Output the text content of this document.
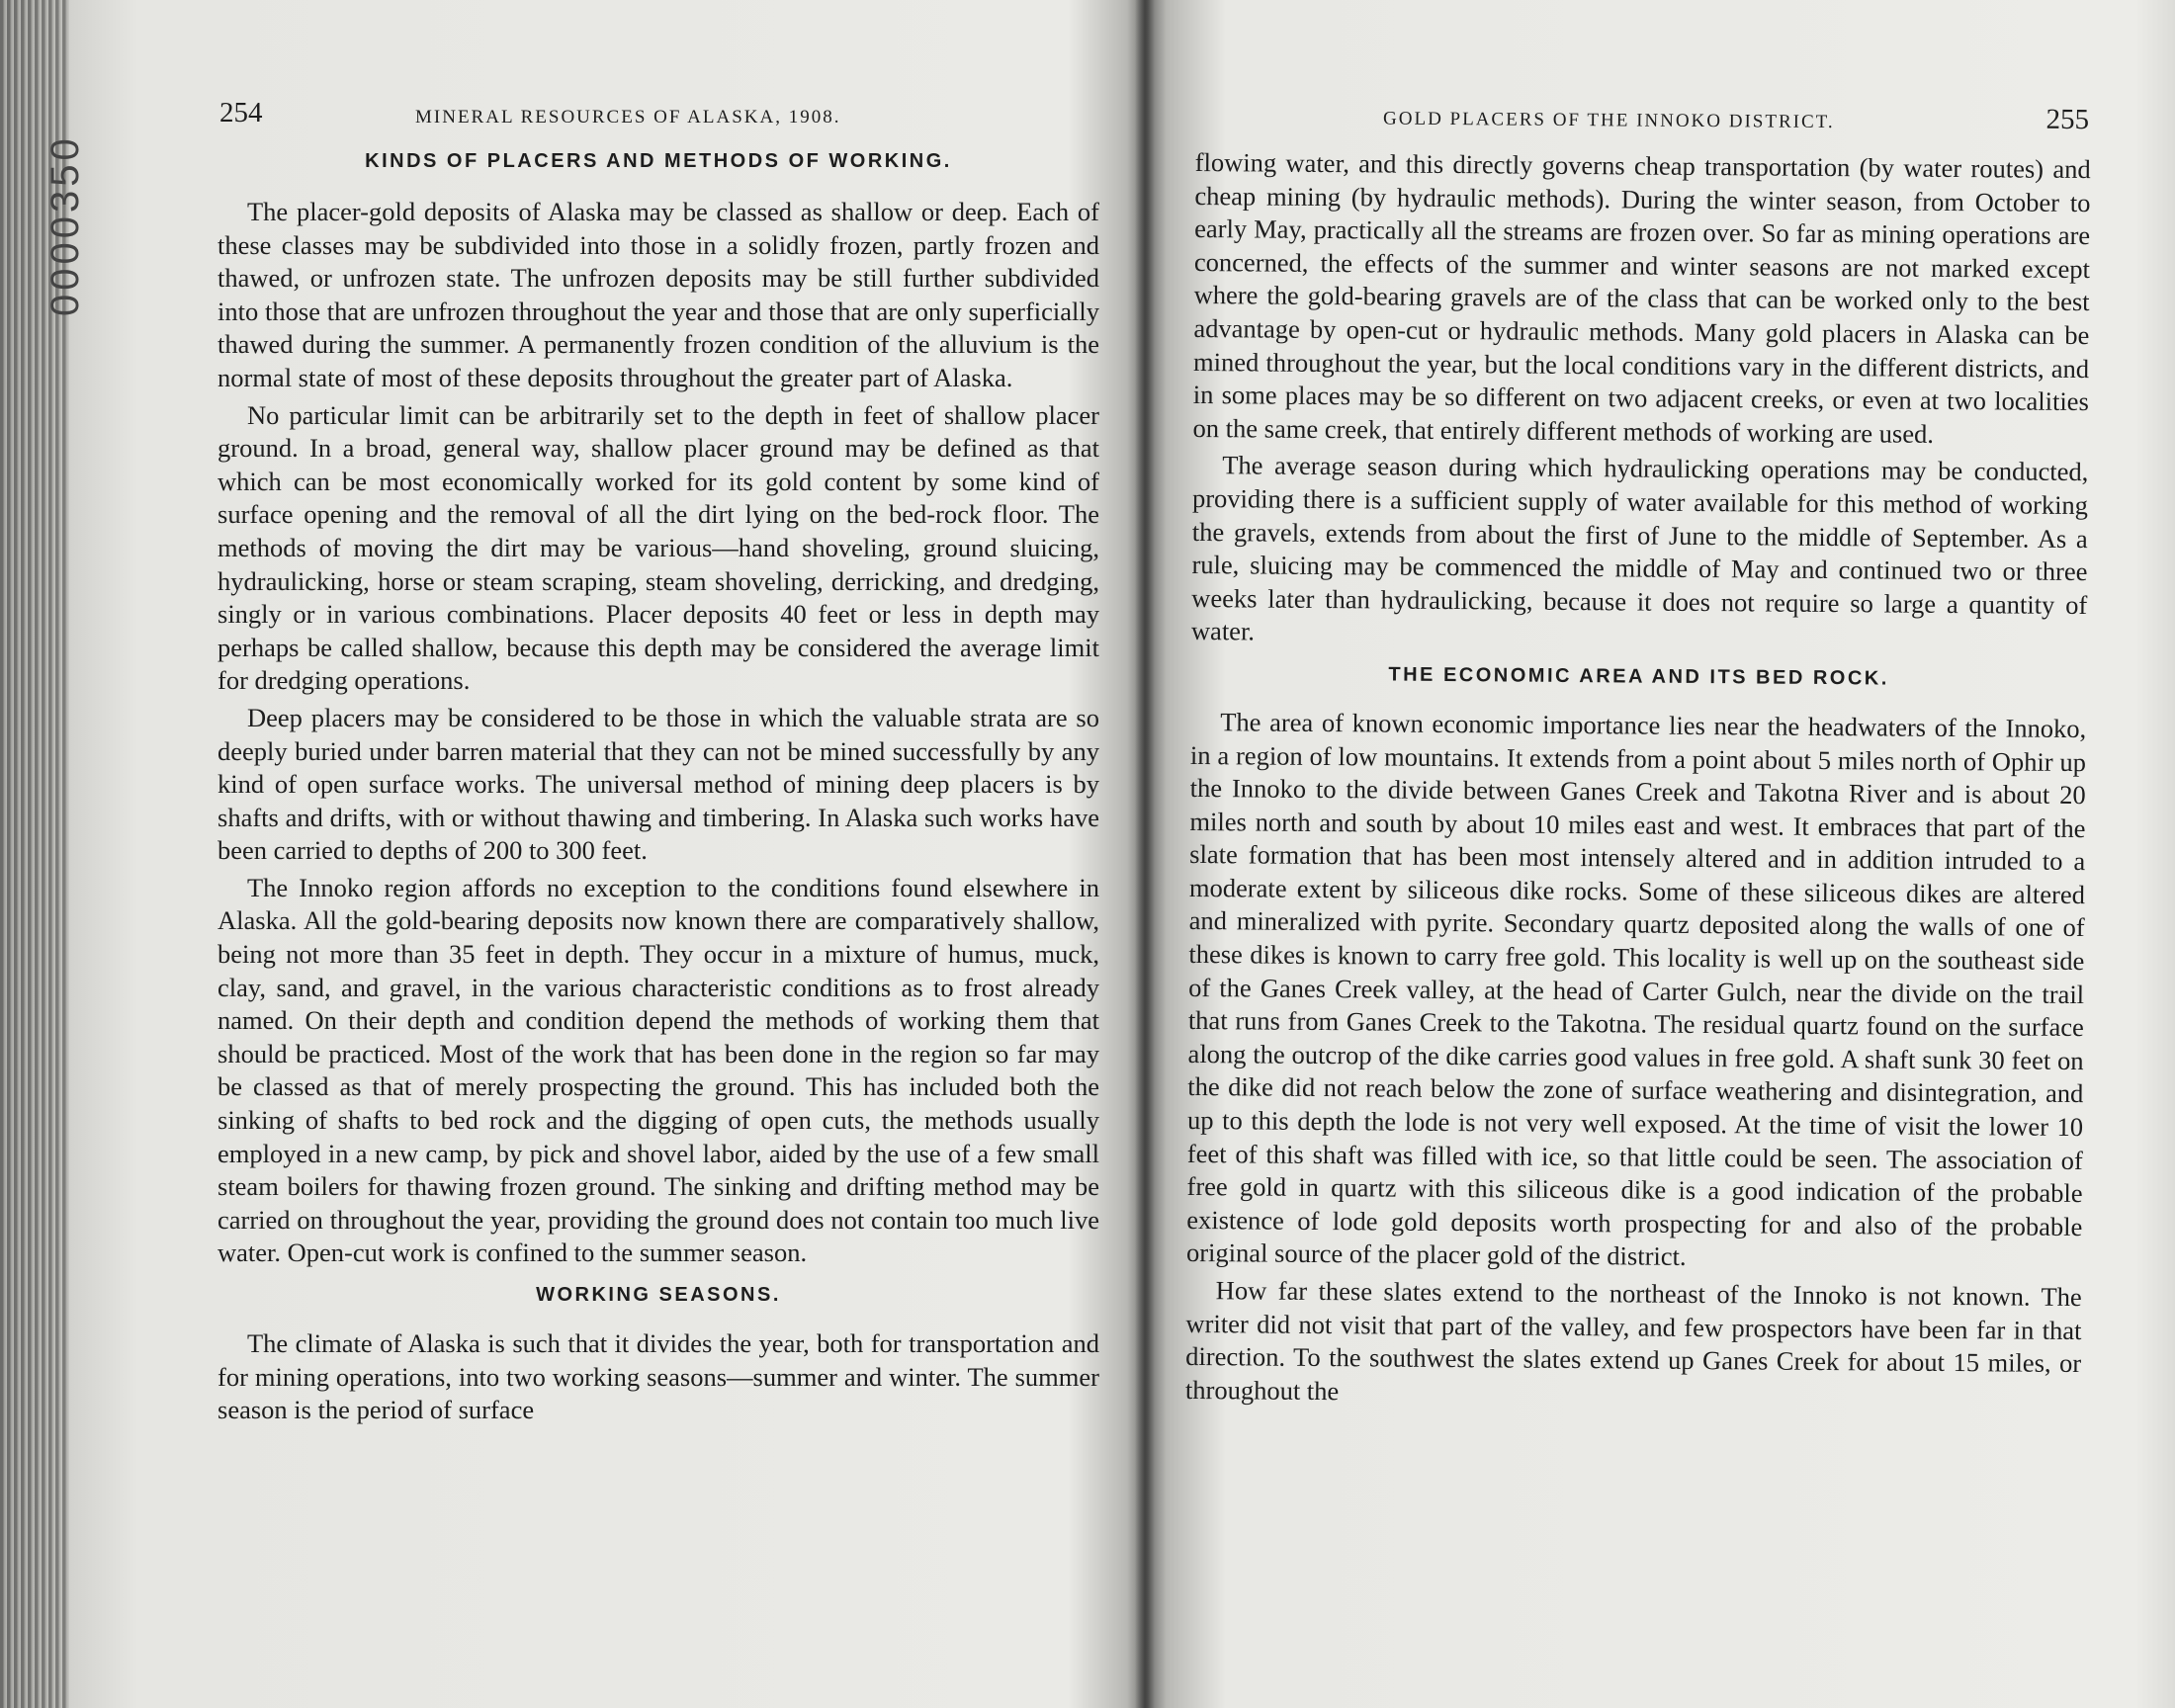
0000350
254	MINERAL RESOURCES OF ALASKA, 1908.
KINDS OF PLACERS AND METHODS OF WORKING.

The placer-gold deposits of Alaska may be classed as shallow or deep. Each of these classes may be subdivided into those in a solidly frozen, partly frozen and thawed, or unfrozen state. The unfrozen deposits may be still further subdivided into those that are unfrozen throughout the year and those that are only superficially thawed during the summer. A permanently frozen condition of the alluvium is the normal state of most of these deposits throughout the greater part of Alaska.

No particular limit can be arbitrarily set to the depth in feet of shallow placer ground. In a broad, general way, shallow placer ground may be defined as that which can be most economically worked for its gold content by some kind of surface opening and the removal of all the dirt lying on the bed-rock floor. The methods of moving the dirt may be various—hand shoveling, ground sluicing, hydraulicking, horse or steam scraping, steam shoveling, derricking, and dredging, singly or in various combinations. Placer deposits 40 feet or less in depth may perhaps be called shallow, because this depth may be considered the average limit for dredging operations.

Deep placers may be considered to be those in which the valuable strata are so deeply buried under barren material that they can not be mined successfully by any kind of open surface works. The universal method of mining deep placers is by shafts and drifts, with or without thawing and timbering. In Alaska such works have been carried to depths of 200 to 300 feet.

The Innoko region affords no exception to the conditions found elsewhere in Alaska. All the gold-bearing deposits now known there are comparatively shallow, being not more than 35 feet in depth. They occur in a mixture of humus, muck, clay, sand, and gravel, in the various characteristic conditions as to frost already named. On their depth and condition depend the methods of working them that should be practiced. Most of the work that has been done in the region so far may be classed as that of merely prospecting the ground. This has included both the sinking of shafts to bed rock and the digging of open cuts, the methods usually employed in a new camp, by pick and shovel labor, aided by the use of a few small steam boilers for thawing frozen ground. The sinking and drifting method may be carried on throughout the year, providing the ground does not contain too much live water. Open-cut work is confined to the summer season.

WORKING SEASONS.

The climate of Alaska is such that it divides the year, both for transportation and for mining operations, into two working seasons—summer and winter. The summer season is the period of surface

GOLD PLACERS OF THE INNOKO DISTRICT.	255

flowing water, and this directly governs cheap transportation (by water routes) and cheap mining (by hydraulic methods). During the winter season, from October to early May, practically all the streams are frozen over. So far as mining operations are concerned, the effects of the summer and winter seasons are not marked except where the gold-bearing gravels are of the class that can be worked only to the best advantage by open-cut or hydraulic methods. Many gold placers in Alaska can be mined throughout the year, but the local conditions vary in the different districts, and in some places may be so different on two adjacent creeks, or even at two localities on the same creek, that entirely different methods of working are used.

The average season during which hydraulicking operations may be conducted, providing there is a sufficient supply of water available for this method of working the gravels, extends from about the first of June to the middle of September. As a rule, sluicing may be commenced the middle of May and continued two or three weeks later than hydraulicking, because it does not require so large a quantity of water.

THE ECONOMIC AREA AND ITS BED ROCK.

The area of known economic importance lies near the headwaters of the Innoko, in a region of low mountains. It extends from a point about 5 miles north of Ophir up the Innoko to the divide between Ganes Creek and Takotna River and is about 20 miles north and south by about 10 miles east and west. It embraces that part of the slate formation that has been most intensely altered and in addition intruded to a moderate extent by siliceous dike rocks. Some of these siliceous dikes are altered and mineralized with pyrite. Secondary quartz deposited along the walls of one of these dikes is known to carry free gold. This locality is well up on the southeast side of the Ganes Creek valley, at the head of Carter Gulch, near the divide on the trail that runs from Ganes Creek to the Takotna. The residual quartz found on the surface along the outcrop of the dike carries good values in free gold. A shaft sunk 30 feet on the dike did not reach below the zone of surface weathering and disintegration, and up to this depth the lode is not very well exposed. At the time of visit the lower 10 feet of this shaft was filled with ice, so that little could be seen. The association of free gold in quartz with this siliceous dike is a good indication of the probable existence of lode gold deposits worth prospecting for and also of the probable original source of the placer gold of the district.

How far these slates extend to the northeast of the Innoko is not known. The writer did not visit that part of the valley, and few prospectors have been far in that direction. To the southwest the slates extend up Ganes Creek for about 15 miles, or throughout the
